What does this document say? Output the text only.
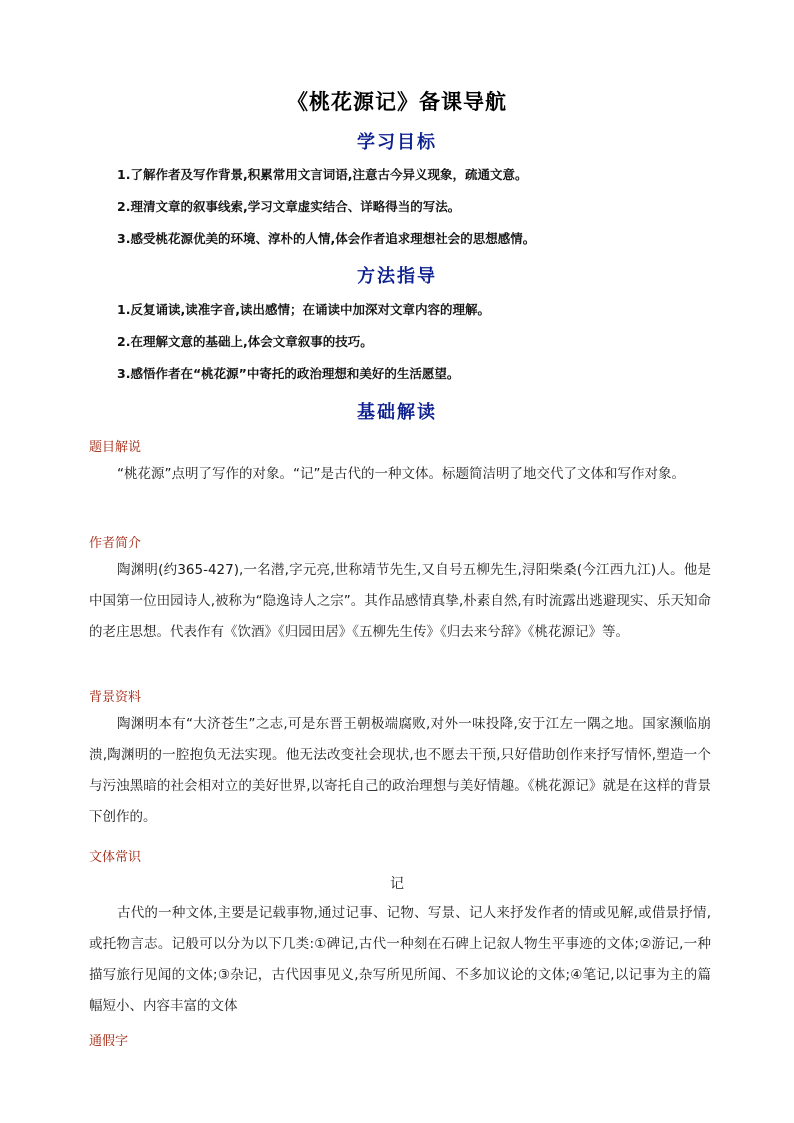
《桃花源记》备课导航
学习目标
1.了解作者及写作背景,积累常用文言词语,注意古今异义现象，疏通文意。
2.理清文章的叙事线索,学习文章虚实结合、详略得当的写法。
3.感受桃花源优美的环境、淳朴的人情,体会作者追求理想社会的思想感情。
方法指导
1.反复诵读,读准字音,读出感情；在诵读中加深对文章内容的理解。
2.在理解文意的基础上,体会文章叙事的技巧。
3.感悟作者在“桃花源”中寄托的政治理想和美好的生活愿望。
基础解读
题目解说

“桃花源”点明了写作的对象。“记”是古代的一种文体。标题简洁明了地交代了文体和写作对象。

作者简介

陶渊明(约365-427),一名潜,字元亮,世称靖节先生,又自号五柳先生,浔阳柴桑(今江西九江)人。他是中国第一位田园诗人,被称为“隐逸诗人之宗”。其作品感情真挚,朴素自然,有时流露出逃避现实、乐天知命的老庄思想。代表作有《饮酒》《归园田居》《五柳先生传》《归去来兮辞》《桃花源记》等。

背景资料

陶渊明本有“大济苍生”之志,可是东晋王朝极端腐败,对外一味投降,安于江左一隅之地。国家濒临崩溃,陶渊明的一腔抱负无法实现。他无法改变社会现状,也不愿去干预,只好借助创作来抒写情怀,塑造一个与污浊黑暗的社会相对立的美好世界,以寄托自己的政治理想与美好情趣。《桃花源记》就是在这样的背景下创作的。

文体常识
记

古代的一种文体,主要是记载事物,通过记事、记物、写景、记人来抒发作者的情或见解,或借景抒情,或托物言志。记般可以分为以下几类:①碑记,古代一种刻在石碑上记叙人物生平事迹的文体;②游记,一种描写旅行见闻的文体;③杂记，古代因事见义,杂写所见所闻、不多加议论的文体;④笔记,以记事为主的篇幅短小、内容丰富的文体

通假字
